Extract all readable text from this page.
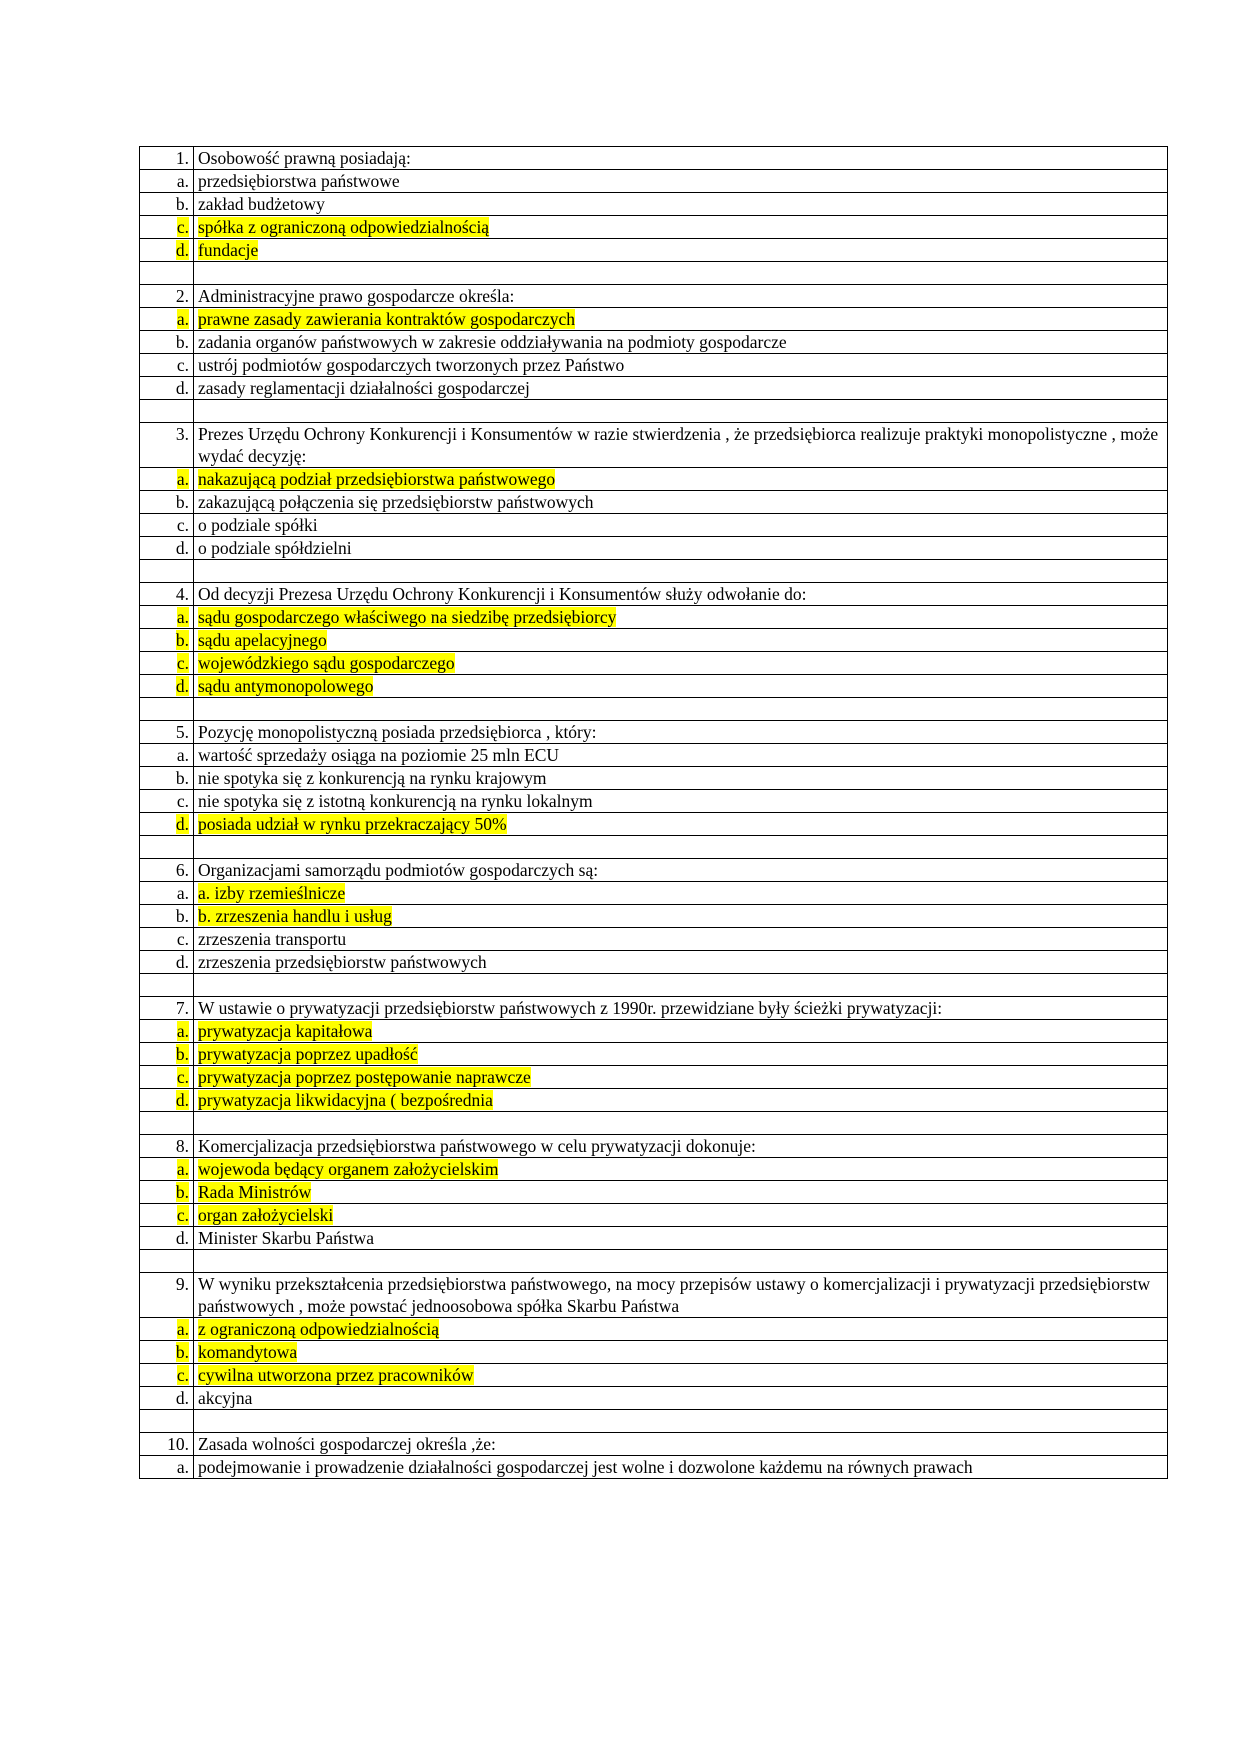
1.	Osobowość prawną posiadają:
a.	przedsiębiorstwa państwowe
b.	zakład budżetowy
c.	spółka z ograniczoną odpowiedzialnością
d.	fundacje

2.	Administracyjne prawo gospodarcze określa:
a.	prawne zasady zawierania kontraktów gospodarczych
b.	zadania organów państwowych w zakresie oddziaływania na podmioty gospodarcze
c.	ustrój podmiotów gospodarczych tworzonych przez Państwo
d.	zasady reglamentacji działalności gospodarczej

3.	Prezes Urzędu Ochrony Konkurencji i Konsumentów w razie stwierdzenia , że przedsiębiorca realizuje praktyki monopolistyczne , może wydać decyzję:
a.	nakazującą podział przedsiębiorstwa państwowego
b.	zakazującą połączenia się przedsiębiorstw państwowych
c.	o podziale spółki
d.	o podziale spółdzielni

4.	Od decyzji Prezesa Urzędu Ochrony Konkurencji i Konsumentów służy odwołanie do:
a.	sądu gospodarczego właściwego na siedzibę przedsiębiorcy
b.	sądu apelacyjnego
c.	wojewódzkiego sądu gospodarczego
d.	sądu antymonopolowego

5.	Pozycję monopolistyczną posiada przedsiębiorca , który:
a.	wartość sprzedaży osiąga na poziomie 25 mln ECU
b.	nie spotyka się z konkurencją na rynku krajowym
c.	nie spotyka się z istotną konkurencją na rynku lokalnym
d.	posiada udział w rynku przekraczający 50%

6.	Organizacjami samorządu podmiotów gospodarczych są:
a.	a. izby rzemieślnicze
b.	b. zrzeszenia handlu i usług
c.	zrzeszenia transportu
d.	zrzeszenia przedsiębiorstw państwowych

7.	W ustawie o prywatyzacji przedsiębiorstw państwowych z 1990r. przewidziane były ścieżki prywatyzacji:
a.	prywatyzacja kapitałowa
b.	prywatyzacja poprzez upadłość
c.	prywatyzacja poprzez postępowanie naprawcze
d.	prywatyzacja likwidacyjna ( bezpośrednia

8.	Komercjalizacja przedsiębiorstwa państwowego w celu prywatyzacji dokonuje:
a.	wojewoda będący organem założycielskim
b.	Rada Ministrów
c.	organ założycielski
d.	Minister Skarbu Państwa

9.	W wyniku przekształcenia przedsiębiorstwa państwowego, na mocy przepisów ustawy o komercjalizacji i prywatyzacji przedsiębiorstw państwowych , może powstać jednoosobowa spółka Skarbu Państwa
a.	z ograniczoną odpowiedzialnością
b.	komandytowa
c.	cywilna utworzona przez pracowników
d.	akcyjna

10.	Zasada wolności gospodarczej określa ,że:
a.	podejmowanie i prowadzenie działalności gospodarczej jest wolne i dozwolone każdemu na równych prawach
